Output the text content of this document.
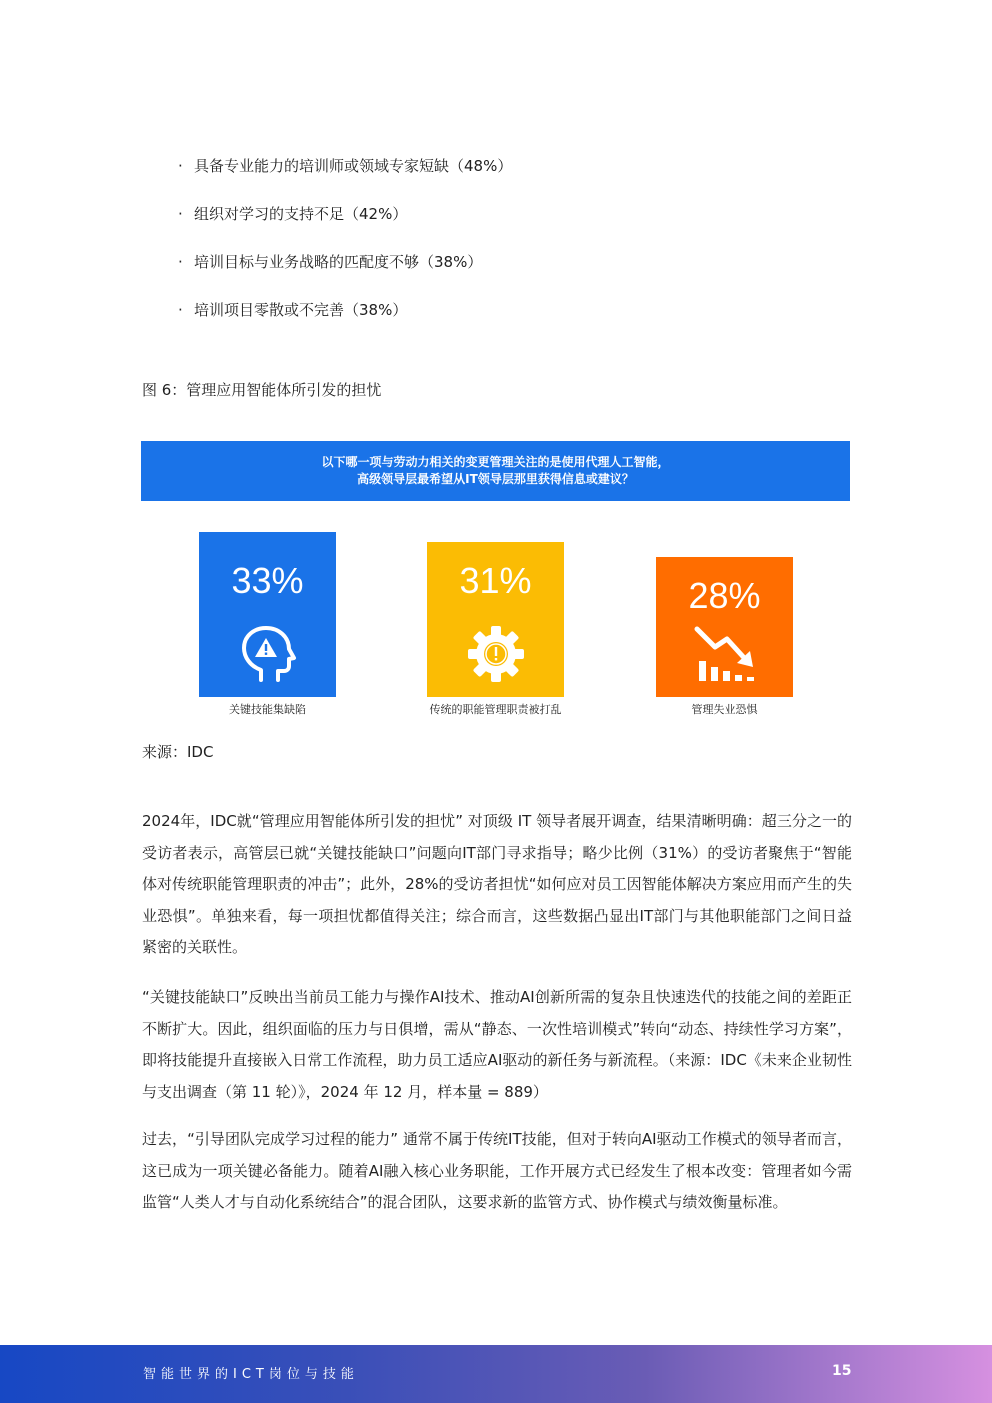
· 具备专业能力的培训师或领域专家短缺（48%）
· 组织对学习的支持不足（42%）
· 培训目标与业务战略的匹配度不够（38%）
· 培训项目零散或不完善（38%）

图 6：管理应用智能体所引发的担忧

以下哪一项与劳动力相关的变更管理关注的是使用代理人工智能，
高级领导层最希望从IT领导层那里获得信息或建议？
33%
关键技能集缺陷
31%
传统的职能管理职责被打乱
28%
管理失业恐惧

来源：IDC

2024年，IDC就“管理应用智能体所引发的担忧” 对顶级 IT 领导者展开调查，结果清晰明确：超三分之一的受访者表示，高管层已就“关键技能缺口”问题向IT部门寻求指导；略少比例（31%）的受访者聚焦于“智能体对传统职能管理职责的冲击”；此外，28%的受访者担忧“如何应对员工因智能体解决方案应用而产生的失业恐惧”。单独来看，每一项担忧都值得关注；综合而言，这些数据凸显出IT部门与其他职能部门之间日益紧密的关联性。

“关键技能缺口”反映出当前员工能力与操作AI技术、推动AI创新所需的复杂且快速迭代的技能之间的差距正不断扩大。因此，组织面临的压力与日俱增，需从“静态、一次性培训模式”转向“动态、持续性学习方案”，即将技能提升直接嵌入日常工作流程，助力员工适应AI驱动的新任务与新流程。（来源：IDC《未来企业韧性与支出调查（第 11 轮）》，2024 年 12 月，样本量 = 889）

过去，“引导团队完成学习过程的能力” 通常不属于传统IT技能，但对于转向AI驱动工作模式的领导者而言，这已成为一项关键必备能力。随着AI融入核心业务职能，工作开展方式已经发生了根本改变：管理者如今需监管“人类人才与自动化系统结合”的混合团队，这要求新的监管方式、协作模式与绩效衡量标准。

智能世界的ICT岗位与技能	15
